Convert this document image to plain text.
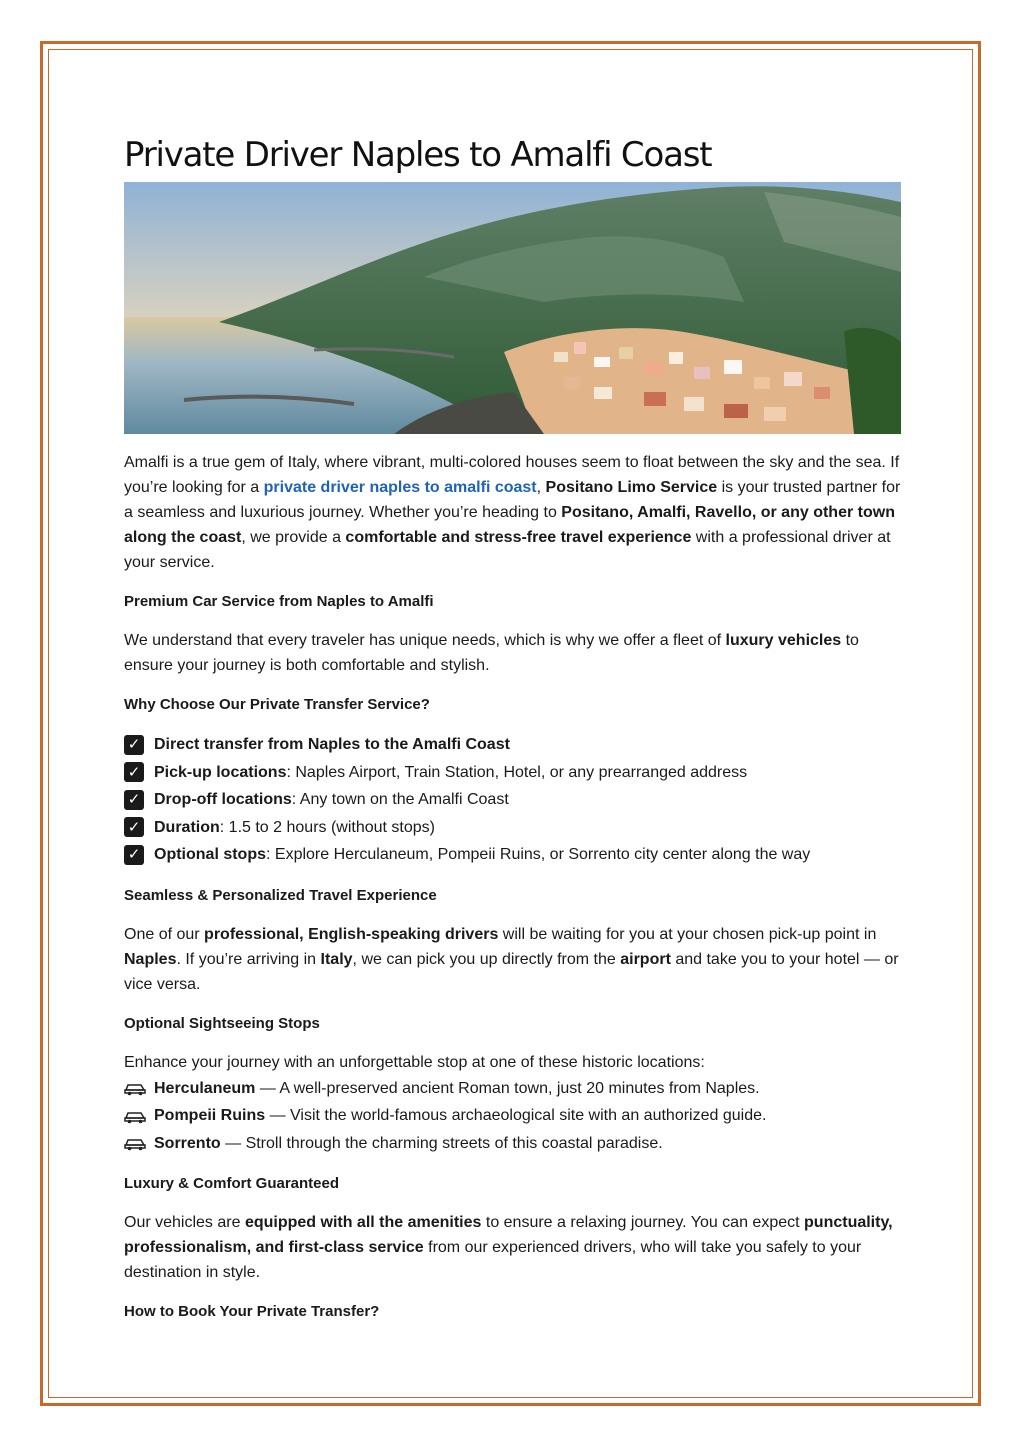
Private Driver Naples to Amalfi Coast

Amalfi is a true gem of Italy, where vibrant, multi-colored houses seem to float between the sky and the sea. If you’re looking for a private driver naples to amalfi coast, Positano Limo Service is your trusted partner for a seamless and luxurious journey. Whether you’re heading to Positano, Amalfi, Ravello, or any other town along the coast, we provide a comfortable and stress-free travel experience with a professional driver at your service.

Premium Car Service from Naples to Amalfi

We understand that every traveler has unique needs, which is why we offer a fleet of luxury vehicles to ensure your journey is both comfortable and stylish.

Why Choose Our Private Transfer Service?
✓ Direct transfer from Naples to the Amalfi Coast
✓ Pick-up locations: Naples Airport, Train Station, Hotel, or any prearranged address
✓ Drop-off locations: Any town on the Amalfi Coast
✓ Duration: 1.5 to 2 hours (without stops)
✓ Optional stops: Explore Herculaneum, Pompeii Ruins, or Sorrento city center along the way
Seamless & Personalized Travel Experience

One of our professional, English-speaking drivers will be waiting for you at your chosen pick-up point in Naples. If you’re arriving in Italy, we can pick you up directly from the airport and take you to your hotel — or vice versa.

Optional Sightseeing Stops

Enhance your journey with an unforgettable stop at one of these historic locations:

Herculaneum — A well-preserved ancient Roman town, just 20 minutes from Naples.
Pompeii Ruins — Visit the world-famous archaeological site with an authorized guide.
Sorrento — Stroll through the charming streets of this coastal paradise.
Luxury & Comfort Guaranteed

Our vehicles are equipped with all the amenities to ensure a relaxing journey. You can expect punctuality, professionalism, and first-class service from our experienced drivers, who will take you safely to your destination in style.

How to Book Your Private Transfer?
